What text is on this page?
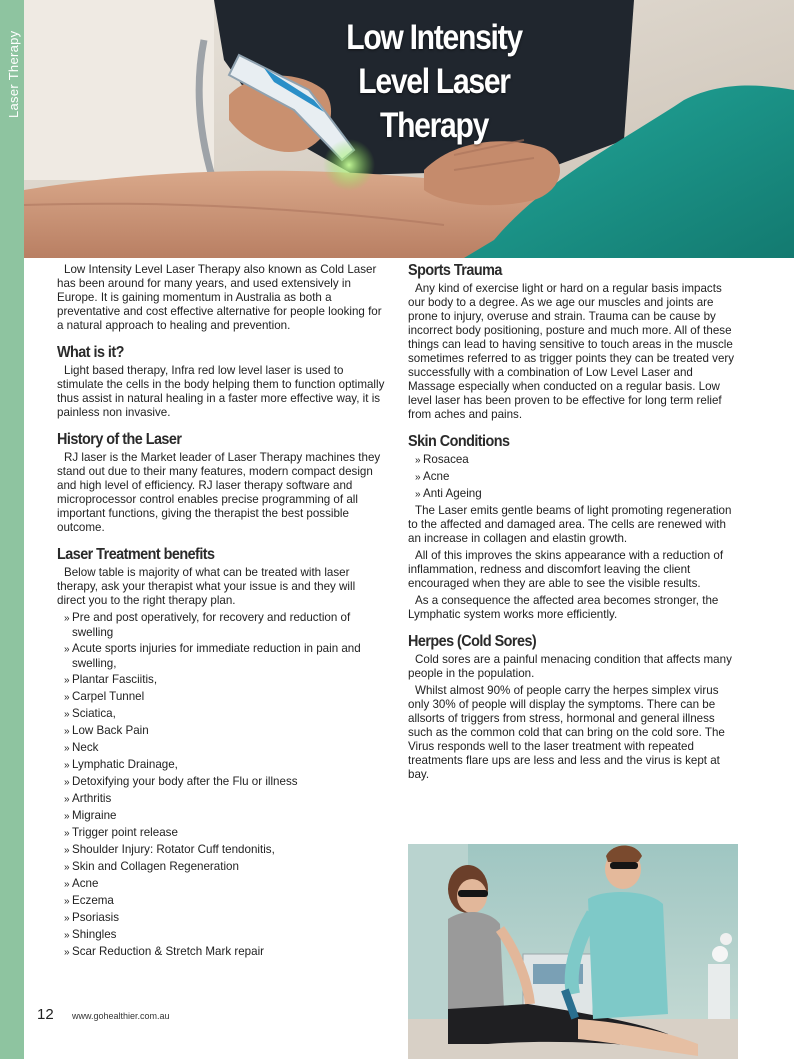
Laser Therapy	Low Intensity
Level Laser
Therapy

Low Intensity Level Laser Therapy also known as Cold Laser has been around for many years, and used extensively in Europe. It is gaining momentum in Australia as both a preventative and cost effective alternative for people looking for a natural approach to healing and prevention.

What is it?

Light based therapy, Infra red low level laser is used to stimulate the cells in the body helping them to function optimally thus assist in natural healing in a faster more effective way, it is painless non invasive.

History of the Laser

RJ laser is the Market leader of Laser Therapy machines they stand out due to their many features, modern compact design and high level of efficiency. RJ laser therapy software and microprocessor control enables precise programming of all important functions, giving the therapist the best possible outcome.

Laser Treatment benefits

Below table is majority of what can be treated with laser therapy, ask your therapist what your issue is and they will direct you to the right therapy plan.

» Pre and post operatively, for recovery and reduction of swelling
» Acute sports injuries for immediate reduction in pain and swelling,
» Plantar Fasciitis,
» Carpel Tunnel
» Sciatica,
» Low Back Pain
» Neck
» Lymphatic Drainage,
» Detoxifying your body after the Flu or illness
» Arthritis
» Migraine
» Trigger point release
» Shoulder Injury: Rotator Cuff tendonitis,
» Skin and Collagen Regeneration
» Acne
» Eczema
» Psoriasis
» Shingles
» Scar Reduction & Stretch Mark repair
Sports Trauma

Any kind of exercise light or hard on a regular basis impacts our body to a degree. As we age our muscles and joints are prone to injury, overuse and strain. Trauma can be cause by incorrect body positioning, posture and much more. All of these things can lead to having sensitive to touch areas in the muscle sometimes referred to as trigger points they can be treated very successfully with a combination of Low Level Laser and Massage especially when conducted on a regular basis. Low level laser has been proven to be effective for long term relief from aches and pains.

Skin Conditions
» Rosacea
» Acne
» Anti Ageing

The Laser emits gentle beams of light promoting regeneration to the affected and damaged area. The cells are renewed with an increase in collagen and elastin growth.

All of this improves the skins appearance with a reduction of inflammation, redness and discomfort leaving the client encouraged when they are able to see the visible results.

As a consequence the affected area becomes stronger, the Lymphatic system works more efficiently.

Herpes (Cold Sores)

Cold sores are a painful menacing condition that affects many people in the population.

Whilst almost 90% of people carry the herpes simplex virus only 30% of people will display the symptoms. There can be allsorts of triggers from stress, hormonal and general illness such as the common cold that can bring on the cold sore. The Virus responds well to the laser treatment with repeated treatments flare ups are less and less and the virus is kept at bay.

12 www.gohealthier.com.au
